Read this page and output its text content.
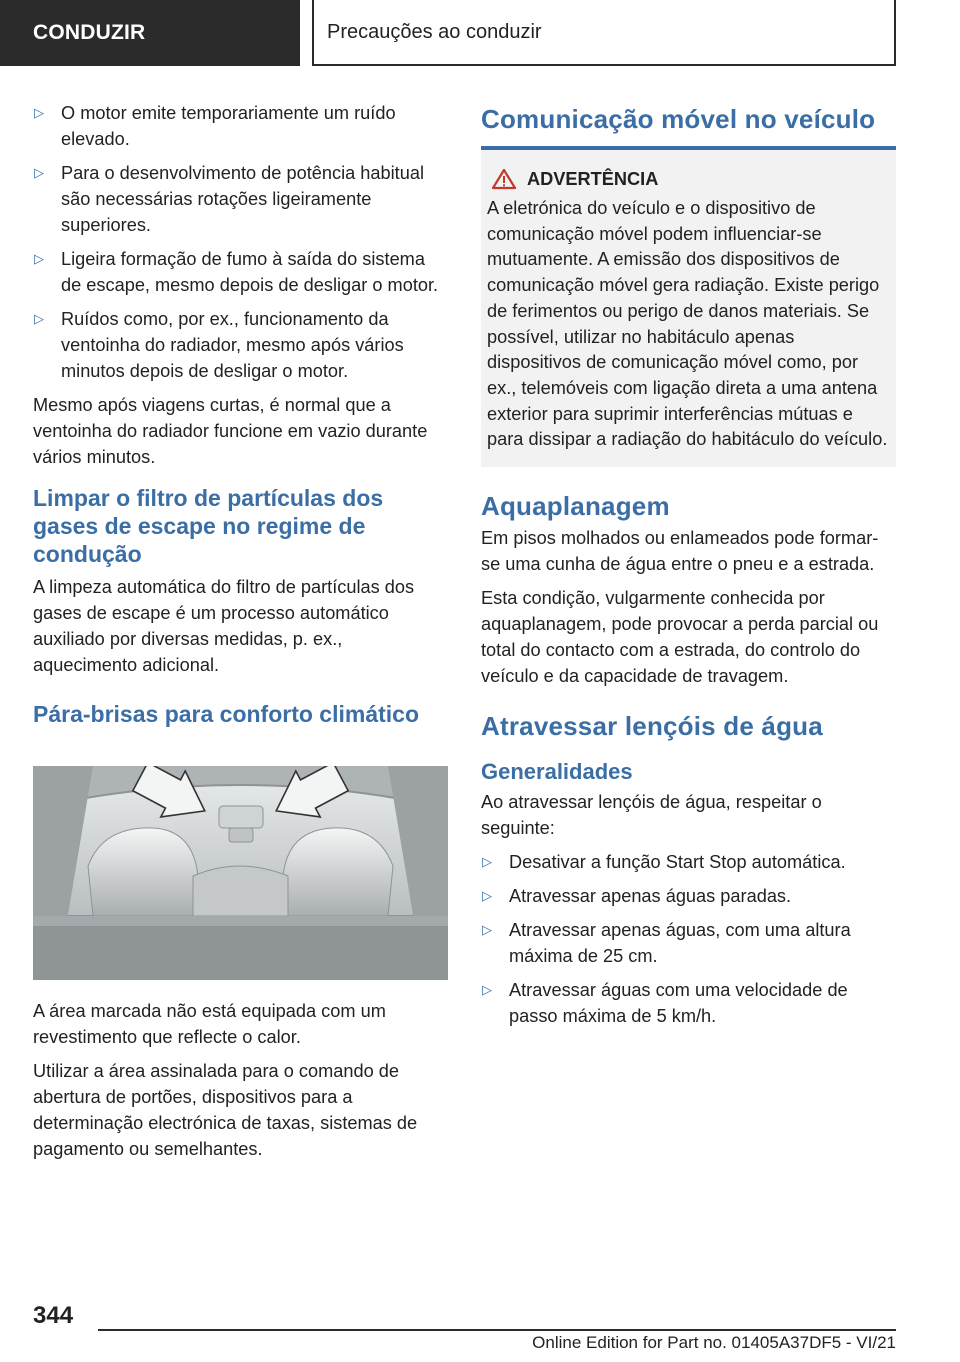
CONDUZIR	Precauções ao conduzir
▷ O motor emite temporariamente um ruído elevado.
▷ Para o desenvolvimento de potência habitual são necessárias rotações ligeiramente superiores.
▷ Ligeira formação de fumo à saída do sistema de escape, mesmo depois de desligar o motor.
▷ Ruídos como, por ex., funcionamento da ventoinha do radiador, mesmo após vários minutos depois de desligar o motor.

Mesmo após viagens curtas, é normal que a ventoinha do radiador funcione em vazio durante vários minutos.

Limpar o filtro de partículas dos gases de escape no regime de condução

A limpeza automática do filtro de partículas dos gases de escape é um processo automático auxiliado por diversas medidas, p. ex., aquecimento adicional.

Pára-brisas para conforto climático

A área marcada não está equipada com um revestimento que reflecte o calor.

Utilizar a área assinalada para o comando de abertura de portões, dispositivos para a determinação electrónica de taxas, sistemas de pagamento ou semelhantes.

Comunicação móvel no veículo
ADVERTÊNCIA

A eletrónica do veículo e o dispositivo de comunicação móvel podem influenciar-se mutuamente. A emissão dos dispositivos de comunicação móvel gera radiação. Existe perigo de ferimentos ou perigo de danos materiais. Se possível, utilizar no habitáculo apenas dispositivos de comunicação móvel como, por ex., telemóveis com ligação direta a uma antena exterior para suprimir interferências mútuas e para dissipar a radiação do habitáculo do veículo.

Aquaplanagem

Em pisos molhados ou enlameados pode formar-se uma cunha de água entre o pneu e a estrada.

Esta condição, vulgarmente conhecida por aquaplanagem, pode provocar a perda parcial ou total do contacto com a estrada, do controlo do veículo e da capacidade de travagem.

Atravessar lençóis de água
Generalidades

Ao atravessar lençóis de água, respeitar o seguinte:

▷ Desativar a função Start Stop automática.
▷ Atravessar apenas águas paradas.
▷ Atravessar apenas águas, com uma altura máxima de 25 cm.
▷ Atravessar águas com uma velocidade de passo máxima de 5 km/h.
344
Online Edition for Part no. 01405A37DF5 - VI/21
